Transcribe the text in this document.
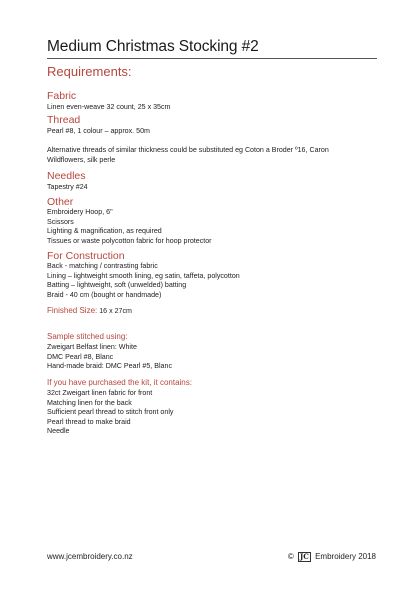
Medium Christmas Stocking #2
Requirements:
Fabric
Linen even-weave 32 count, 25 x 35cm
Thread
Pearl #8, 1 colour – approx. 50m
Alternative threads of similar thickness could be substituted eg Coton a Broder º16, Caron
Wildflowers, silk perle
Needles
Tapestry #24
Other
Embroidery Hoop, 6"
Scissors
Lighting & magnification, as required
Tissues or waste polycotton fabric for hoop protector
For Construction
Back - matching / contrasting fabric
Lining – lightweight smooth lining, eg satin, taffeta, polycotton
Batting – lightweight, soft (unwelded) batting
Braid - 40 cm (bought or handmade)
Finished Size: 16 x 27cm
Sample stitched using:
Zweigart Belfast linen: White
DMC Pearl #8, Blanc
Hand-made braid: DMC Pearl #5, Blanc
If you have purchased the kit, it contains:
32ct Zweigart linen fabric for front
Matching linen for the back
Sufficient pearl thread to stitch front only
Pearl thread to make braid
Needle
www.jcembroidery.co.nz	© JC Embroidery 2018
